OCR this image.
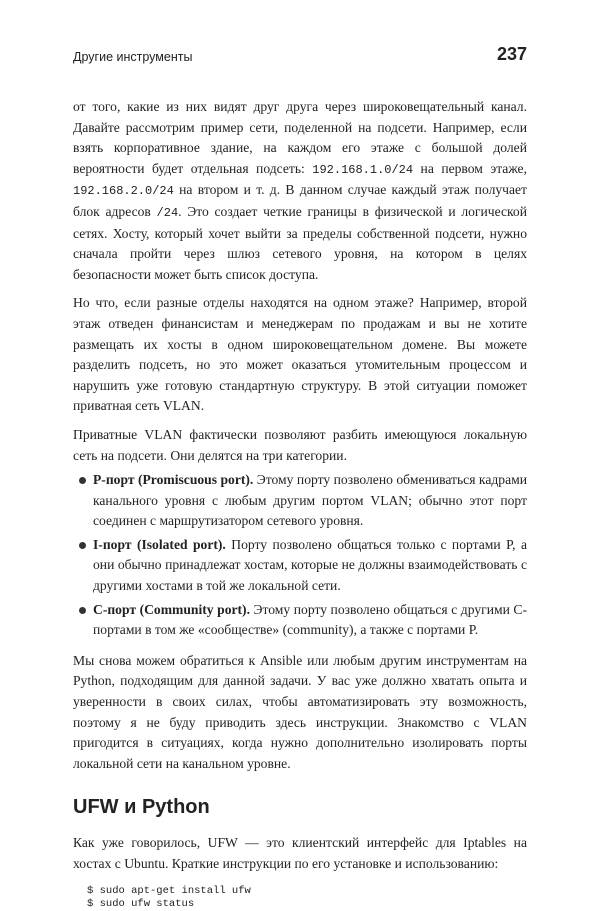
Другие инструменты	237

от того, какие из них видят друг друга через широковещательный канал. Давайте рассмотрим пример сети, поделенной на подсети. Например, если взять корпоративное здание, на каждом его этаже с большой долей вероятности будет отдельная подсеть: 192.168.1.0/24 на первом этаже, 192.168.2.0/24 на втором и т. д. В данном случае каждый этаж получает блок адресов /24. Это создает четкие границы в физической и логической сетях. Хосту, который хочет выйти за пределы собственной подсети, нужно сначала пройти через шлюз сетевого уровня, на котором в целях безопасности может быть список доступа.

Но что, если разные отделы находятся на одном этаже? Например, второй этаж отведен финансистам и менеджерам по продажам и вы не хотите размещать их хосты в одном широковещательном домене. Вы можете разделить подсеть, но это может оказаться утомительным процессом и нарушить уже готовую стандартную структуру. В этой ситуации поможет приватная сеть VLAN.

Приватные VLAN фактически позволяют разбить имеющуюся локальную сеть на подсети. Они делятся на три категории.

P-порт (Promiscuous port). Этому порту позволено обмениваться кадрами канального уровня с любым другим портом VLAN; обычно этот порт соединен с маршрутизатором сетевого уровня.
I-порт (Isolated port). Порту позволено общаться только с портами P, а они обычно принадлежат хостам, которые не должны взаимодействовать с другими хостами в той же локальной сети.
C-порт (Community port). Этому порту позволено общаться с другими C-портами в том же «сообществе» (community), а также с портами P.

Мы снова можем обратиться к Ansible или любым другим инструментам на Python, подходящим для данной задачи. У вас уже должно хватать опыта и уверенности в своих силах, чтобы автоматизировать эту возможность, поэтому я не буду приводить здесь инструкции. Знакомство с VLAN пригодится в ситуациях, когда нужно дополнительно изолировать порты локальной сети на канальном уровне.

UFW и Python

Как уже говорилось, UFW — это клиентский интерфейс для Iptables на хостах с Ubuntu. Краткие инструкции по его установке и использованию:

$ sudo apt-get install ufw
$ sudo ufw status
